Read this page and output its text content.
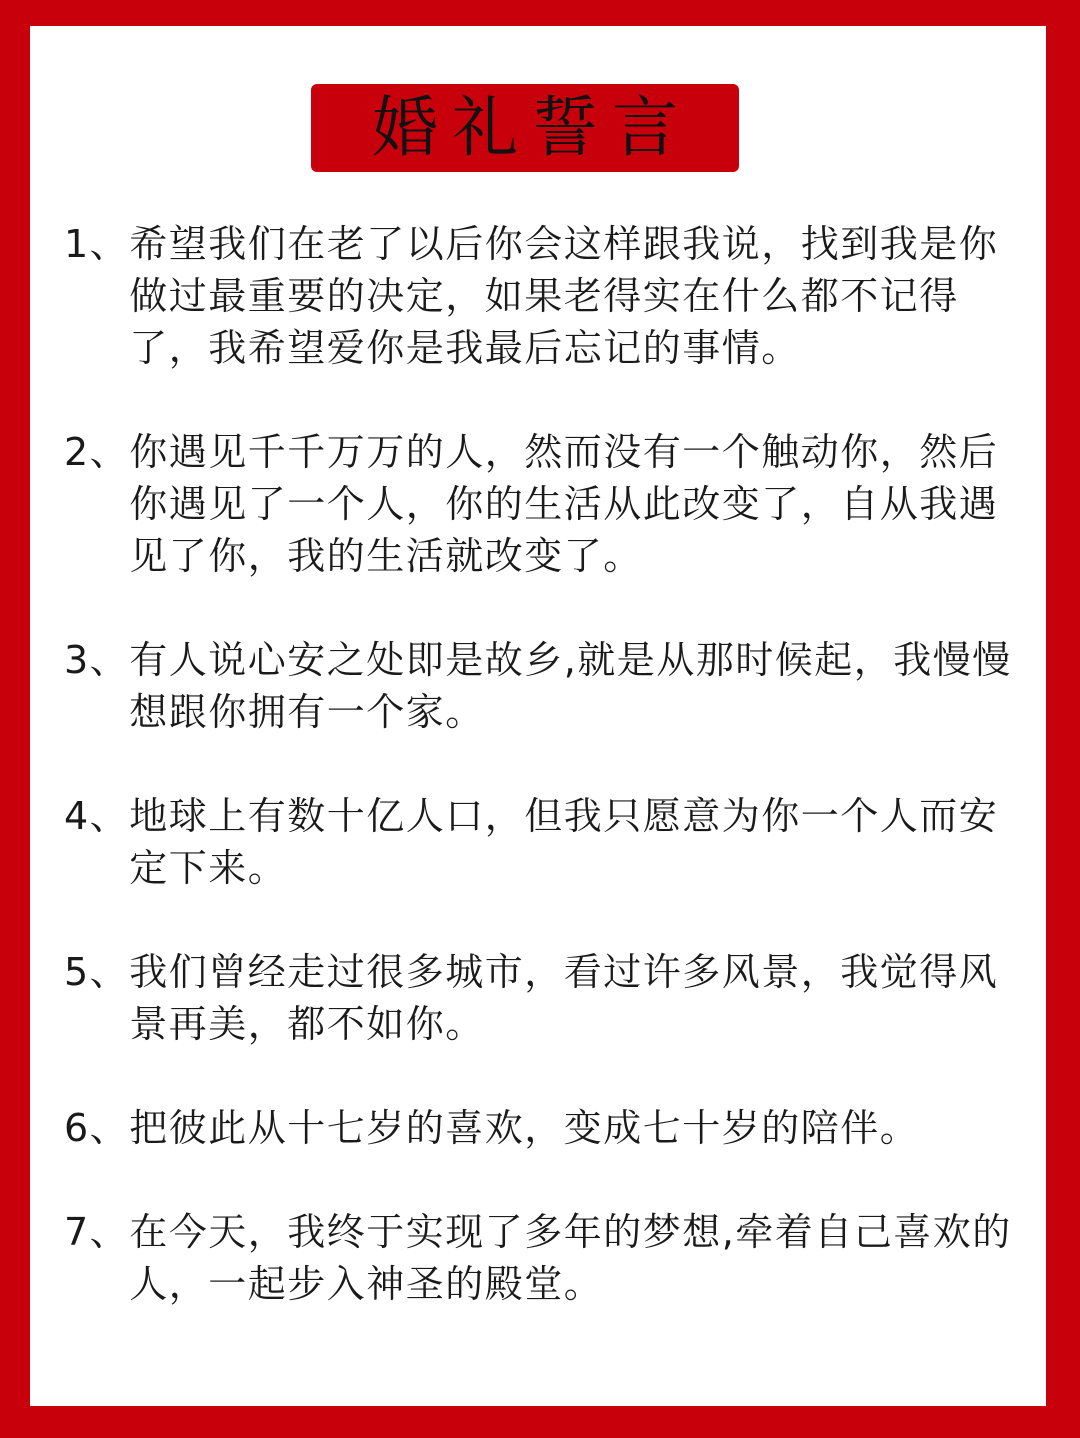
婚礼誓言
1、 希望我们在老了以后你会这样跟我说，找到我是你做过最重要的决定，如果老得实在什么都不记得了，我希望爱你是我最后忘记的事情。
2、 你遇见千千万万的人，然而没有一个触动你，然后你遇见了一个人，你的生活从此改变了，自从我遇见了你，我的生活就改变了。
3、 有人说心安之处即是故乡,就是从那时候起，我慢慢想跟你拥有一个家。
4、 地球上有数十亿人口，但我只愿意为你一个人而安定下来。
5、 我们曾经走过很多城市，看过许多风景，我觉得风景再美，都不如你。
6、 把彼此从十七岁的喜欢，变成七十岁的陪伴。
7、 在今天，我终于实现了多年的梦想,牵着自己喜欢的人，一起步入神圣的殿堂。
